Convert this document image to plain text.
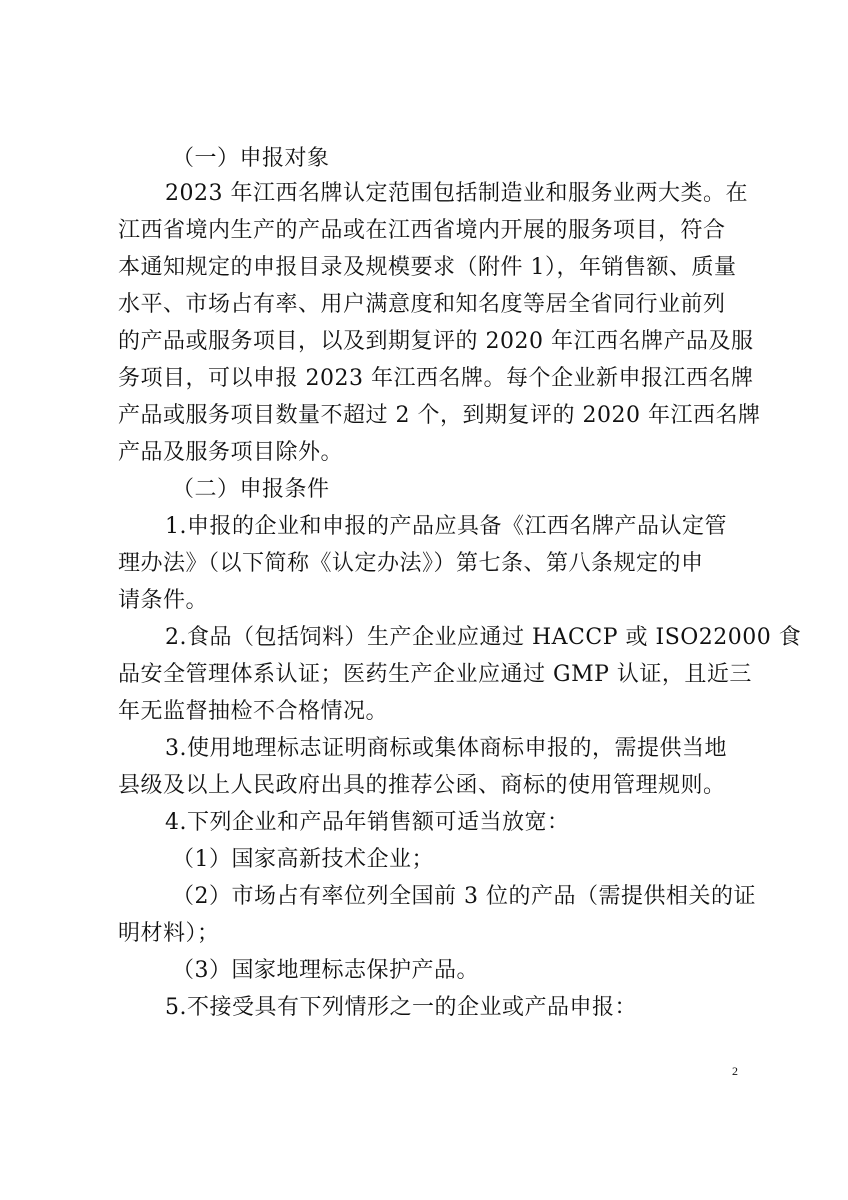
（一）申报对象
2023 年江西名牌认定范围包括制造业和服务业两大类。在
江西省境内生产的产品或在江西省境内开展的服务项目，符合
本通知规定的申报目录及规模要求（附件 1），年销售额、质量
水平、市场占有率、用户满意度和知名度等居全省同行业前列
的产品或服务项目，以及到期复评的 2020 年江西名牌产品及服
务项目，可以申报 2023 年江西名牌。每个企业新申报江西名牌
产品或服务项目数量不超过 2 个，到期复评的 2020 年江西名牌
产品及服务项目除外。
（二）申报条件
1.申报的企业和申报的产品应具备《江西名牌产品认定管
理办法》（以下简称《认定办法》）第七条、第八条规定的申
请条件。
2.食品（包括饲料）生产企业应通过 HACCP 或 ISO22000 食
品安全管理体系认证；医药生产企业应通过 GMP 认证，且近三
年无监督抽检不合格情况。
3.使用地理标志证明商标或集体商标申报的，需提供当地
县级及以上人民政府出具的推荐公函、商标的使用管理规则。
4.下列企业和产品年销售额可适当放宽：
（1）国家高新技术企业；
（2）市场占有率位列全国前 3 位的产品（需提供相关的证
明材料）；
（3）国家地理标志保护产品。
5.不接受具有下列情形之一的企业或产品申报：
2
